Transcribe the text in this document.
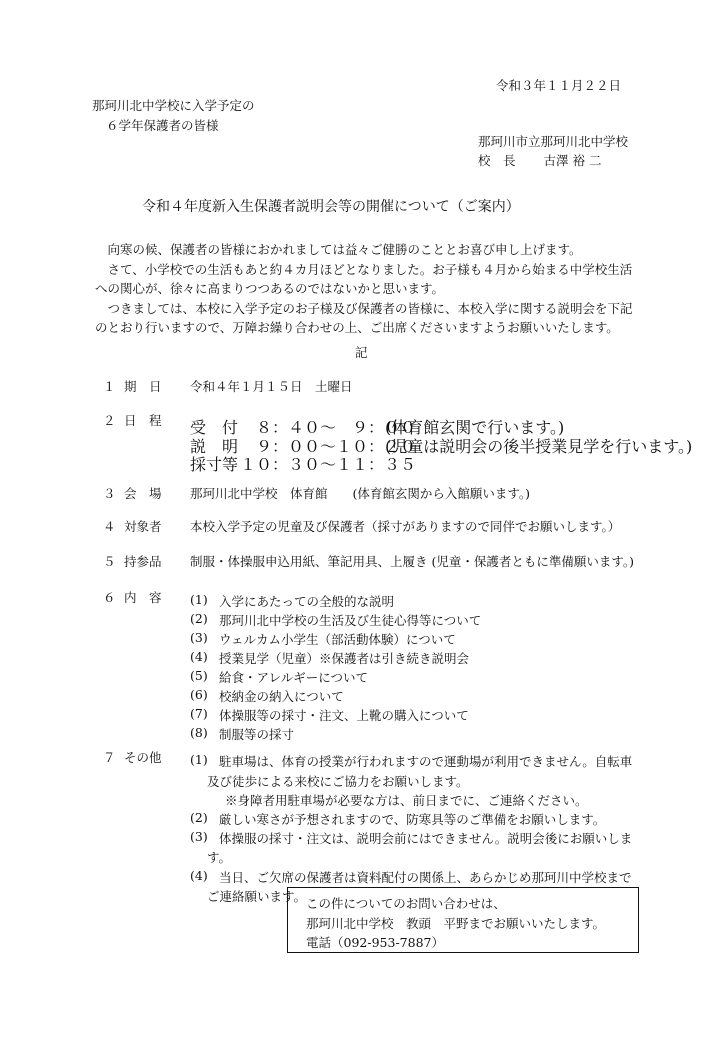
令和３年１１月２２日
那珂川北中学校に入学予定の
６学年保護者の皆様
那珂川市立那珂川北中学校
校　長 古澤 裕 二
令和４年度新入生保護者説明会等の開催について（ご案内）

向寒の候、保護者の皆様におかれましては益々ご健勝のこととお喜び申し上げます。

さて、小学校での生活もあと約４カ月ほどとなりました。お子様も４月から始まる中学校生活への関心が、徐々に高まりつつあるのではないかと思います。

つきましては、本校に入学予定のお子様及び保護者の皆様に、本校入学に関する説明会を下記のとおり行いますので、万障お繰り合わせの上、ご出席くださいますようお願いいたします。

記
１ 期　日 令和４年１月１５日　土曜日
２ 日　程 受　付 ８：４０～　９：００
(体育館玄関で行います。)
説　明 ９：００～１０：２０
(児童は説明会の後半授業見学を行います。)
採寸等 １０：３０～１１：３５
３ 会　場 那珂川北中学校　体育館　　(体育館玄関から入館願います。)
４ 対象者 本校入学予定の児童及び保護者（採寸がありますので同伴でお願いします。）
５ 持参品 制服・体操服申込用紙、筆記用具、上履き (児童・保護者ともに準備願います。)
６ 内　容 (1) 入学にあたっての全般的な説明
(2) 那珂川北中学校の生活及び生徒心得等について
(3) ウェルカム小学生（部活動体験）について
(4) 授業見学（児童）※保護者は引き続き説明会
(5) 給食・アレルギーについて
(6) 校納金の納入について
(7) 体操服等の採寸・注文、上靴の購入について
(8) 制服等の採寸
７ その他 (1) 駐車場は、体育の授業が行われますので運動場が利用できません。自転車
及び徒歩による来校にご協力をお願いします。
※身障者用駐車場が必要な方は、前日までに、ご連絡ください。
(2) 厳しい寒さが予想されますので、防寒具等のご準備をお願いします。
(3) 体操服の採寸・注文は、説明会前にはできません。説明会後にお願いしま
す。
(4) 当日、ご欠席の保護者は資料配付の関係上、あらかじめ那珂川中学校まで
ご連絡願います。 この件についてのお問い合わせは、
那珂川北中学校　教頭　平野までお願いいたします。
電話（092‐953‐7887）
